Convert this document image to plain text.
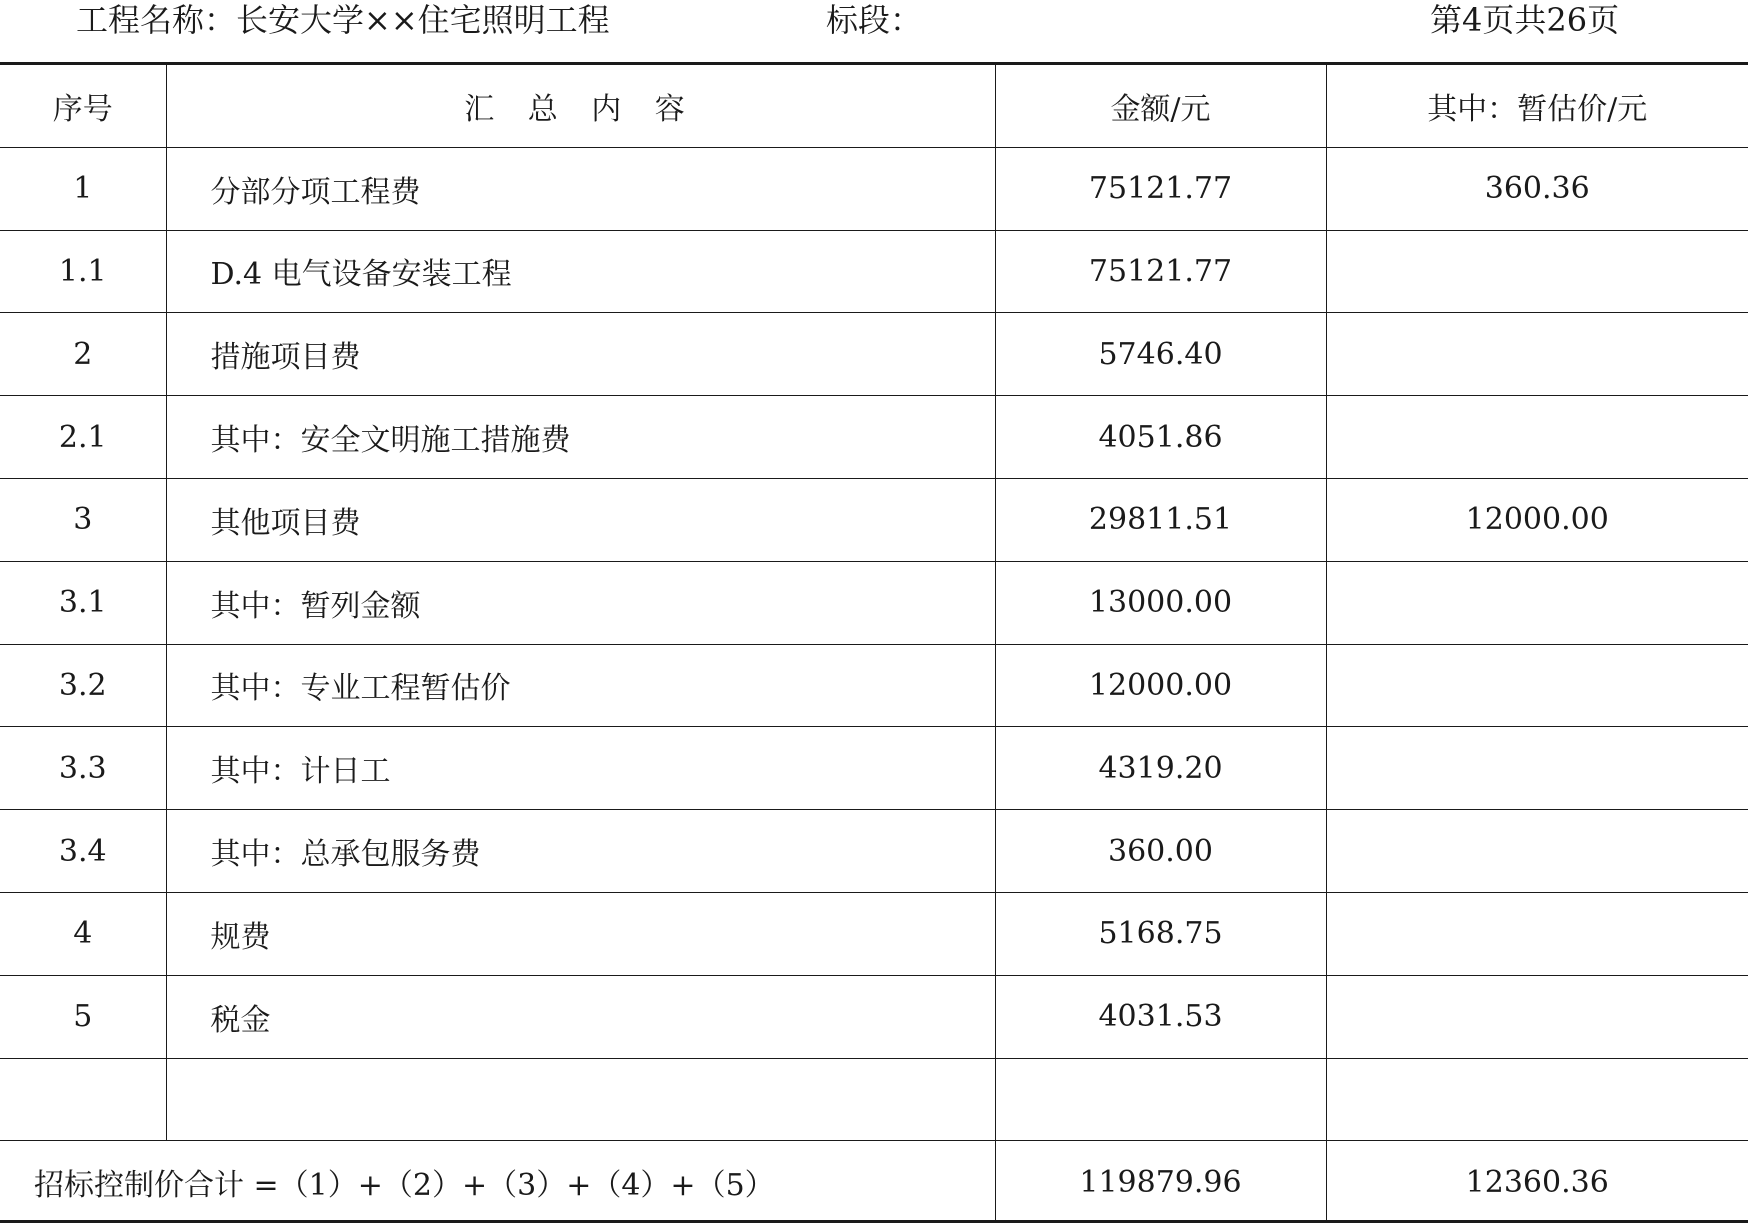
工程名称：长安大学××住宅照明工程	标段：	第4页共26页
序号	汇 总 内 容	金额/元	其中：暂估价/元
1	分部分项工程费	75121.77	360.36
1.1	D.4 电气设备安装工程	75121.77	
2	措施项目费	5746.40	
2.1	其中：安全文明施工措施费	4051.86	
3	其他项目费	29811.51	12000.00
3.1	其中：暂列金额	13000.00	
3.2	其中：专业工程暂估价	12000.00	
3.3	其中：计日工	4319.20	
3.4	其中：总承包服务费	360.00	
4	规费	5168.75	
5	税金	4031.53	

招标控制价合计 =（1）+（2）+（3）+（4）+（5）		119879.96	12360.36
